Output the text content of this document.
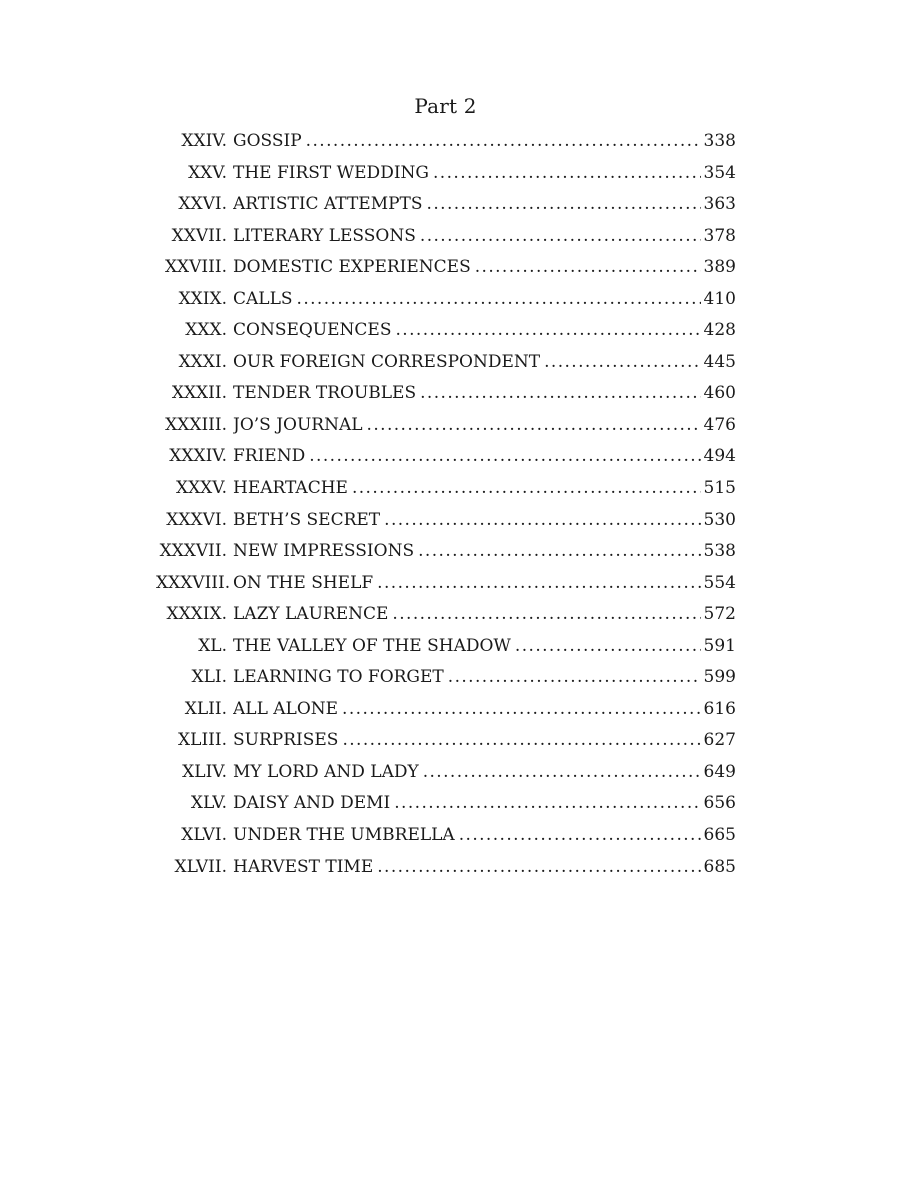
Part 2
XXIV. GOSSIP .....	338
XXV. THE FIRST WEDDING .....	354
XXVI. ARTISTIC ATTEMPTS .....	363
XXVII. LITERARY LESSONS .....	378
XXVIII. DOMESTIC EXPERIENCES .....	389
XXIX. CALLS .....	410
XXX. CONSEQUENCES .....	428
XXXI. OUR FOREIGN CORRESPONDENT .....	445
XXXII. TENDER TROUBLES .....	460
XXXIII. JO’S JOURNAL .....	476
XXXIV. FRIEND .....	494
XXXV. HEARTACHE .....	515
XXXVI. BETH’S SECRET .....	530
XXXVII. NEW IMPRESSIONS .....	538
XXXVIII. ON THE SHELF .....	554
XXXIX. LAZY LAURENCE .....	572
XL. THE VALLEY OF THE SHADOW .....	591
XLI. LEARNING TO FORGET .....	599
XLII. ALL ALONE .....	616
XLIII. SURPRISES .....	627
XLIV. MY LORD AND LADY .....	649
XLV. DAISY AND DEMI .....	656
XLVI. UNDER THE UMBRELLA .....	665
XLVII. HARVEST TIME .....	685
